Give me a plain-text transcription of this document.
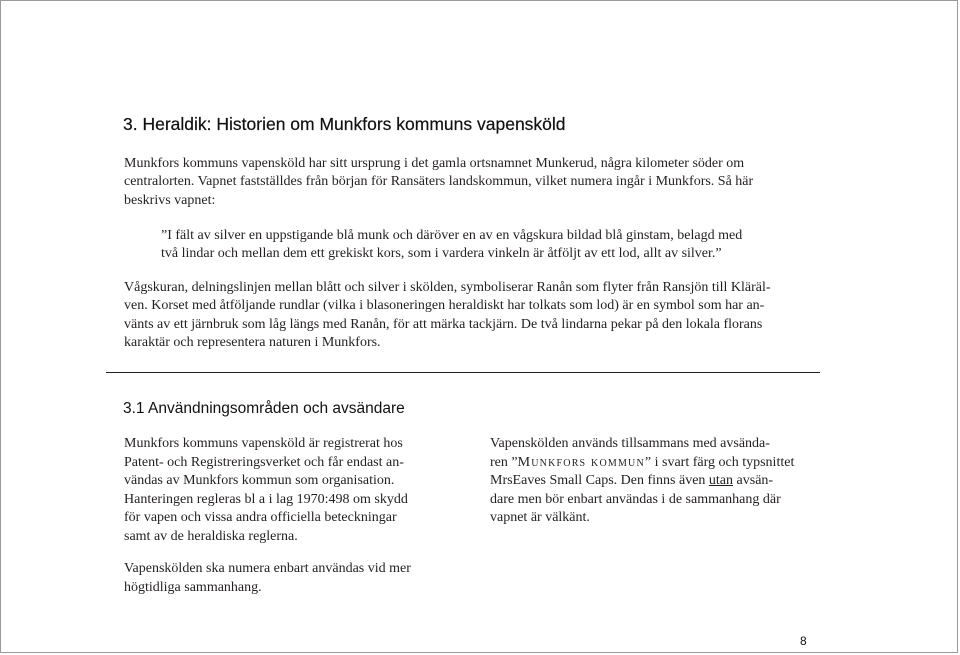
3. Heraldik: Historien om Munkfors kommuns vapensköld
Munkfors kommuns vapensköld har sitt ursprung i det gamla ortsnamnet Munkerud, några kilometer söder om
centralorten. Vapnet fastställdes från början för Ransäters landskommun, vilket numera ingår i Munkfors. Så här
beskrivs vapnet:
”I fält av silver en uppstigande blå munk och däröver en av en vågskura bildad blå ginstam, belagd med
två lindar och mellan dem ett grekiskt kors, som i vardera vinkeln är åtföljt av ett lod, allt av silver.”
Vågskuran, delningslinjen mellan blått och silver i skölden, symboliserar Ranån som flyter från Ransjön till Kläräl-
ven. Korset med åtföljande rundlar (vilka i blasoneringen heraldiskt har tolkats som lod) är en symbol som har an-
vänts av ett järnbruk som låg längs med Ranån, för att märka tackjärn. De två lindarna pekar på den lokala florans
karaktär och representera naturen i Munkfors.
3.1 Användningsområden och avsändare
Munkfors kommuns vapensköld är registrerat hos
Patent- och Registreringsverket och får endast an-
vändas av Munkfors kommun som organisation.
Hanteringen regleras bl a i lag 1970:498 om skydd
för vapen och vissa andra officiella beteckningar
samt av de heraldiska reglerna.
Vapenskölden ska numera enbart användas vid mer högtidliga sammanhang.
Vapenskölden används tillsammans med avsända-
ren ”Munkfors kommun” i svart färg och typsnittet
MrsEaves Small Caps. Den finns även utan avsän-
dare men bör enbart användas i de sammanhang där
vapnet är välkänt.
8
